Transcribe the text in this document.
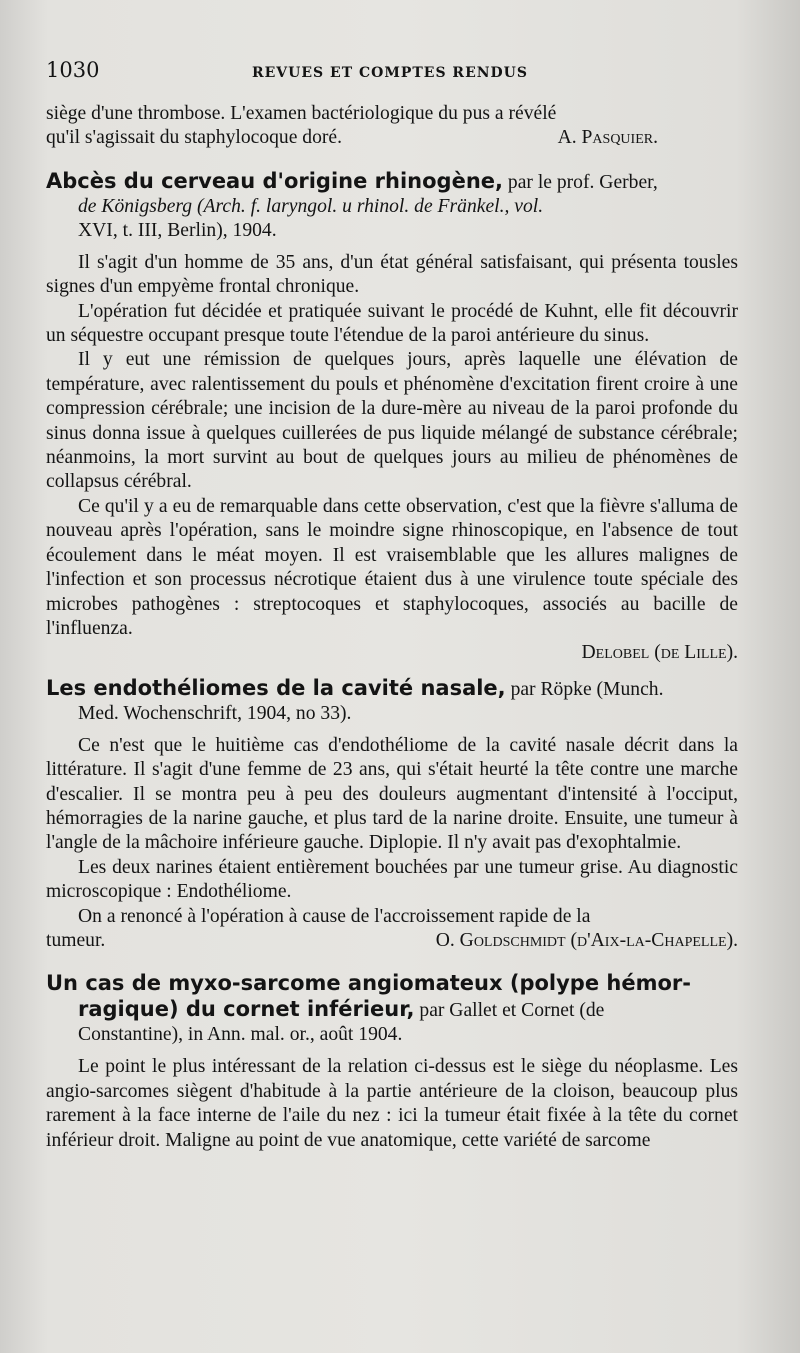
1030	REVUES ET COMPTES RENDUS

siège d'une thrombose. L'examen bactériologique du pus a révélé

qu'il s'agissait du staphylocoque doré.	A. Pasquier.

Abcès du cerveau d'origine rhinogène, par le prof. Gerber,

de Königsberg (Arch. f. laryngol. u rhinol. de Fränkel., vol.

XVI, t. III, Berlin), 1904.

Il s'agit d'un homme de 35 ans, d'un état général satisfaisant, qui présenta tousles signes d'un empyème frontal chronique.

L'opération fut décidée et pratiquée suivant le procédé de Kuhnt, elle fit découvrir un séquestre occupant presque toute l'étendue de la paroi antérieure du sinus.

Il y eut une rémission de quelques jours, après laquelle une élévation de température, avec ralentissement du pouls et phénomène d'excitation firent croire à une compression cérébrale; une incision de la dure-mère au niveau de la paroi profonde du sinus donna issue à quelques cuillerées de pus liquide mélangé de substance cérébrale; néanmoins, la mort survint au bout de quelques jours au milieu de phénomènes de collapsus cérébral.

Ce qu'il y a eu de remarquable dans cette observation, c'est que la fièvre s'alluma de nouveau après l'opération, sans le moindre signe rhinoscopique, en l'absence de tout écoulement dans le méat moyen. Il est vraisemblable que les allures malignes de l'infection et son processus nécrotique étaient dus à une virulence toute spéciale des microbes pathogènes : streptocoques et staphylocoques, associés au bacille de l'influenza.

Delobel (de Lille).

Les endothéliomes de la cavité nasale, par Röpke (Munch.

Med. Wochenschrift, 1904, no 33).

Ce n'est que le huitième cas d'endothéliome de la cavité nasale décrit dans la littérature. Il s'agit d'une femme de 23 ans, qui s'était heurté la tête contre une marche d'escalier. Il se montra peu à peu des douleurs augmentant d'intensité à l'occiput, hémorragies de la narine gauche, et plus tard de la narine droite. Ensuite, une tumeur à l'angle de la mâchoire inférieure gauche. Diplopie. Il n'y avait pas d'exophtalmie.

Les deux narines étaient entièrement bouchées par une tumeur grise. Au diagnostic microscopique : Endothéliome.

On a renoncé à l'opération à cause de l'accroissement rapide de la

tumeur.	O. Goldschmidt (d'Aix-la-Chapelle).

Un cas de myxo-sarcome angiomateux (polype hémor-

ragique) du cornet inférieur, par Gallet et Cornet (de

Constantine), in Ann. mal. or., août 1904.

Le point le plus intéressant de la relation ci-dessus est le siège du néoplasme. Les angio-sarcomes siègent d'habitude à la partie antérieure de la cloison, beaucoup plus rarement à la face interne de l'aile du nez : ici la tumeur était fixée à la tête du cornet inférieur droit. Maligne au point de vue anatomique, cette variété de sarcome
